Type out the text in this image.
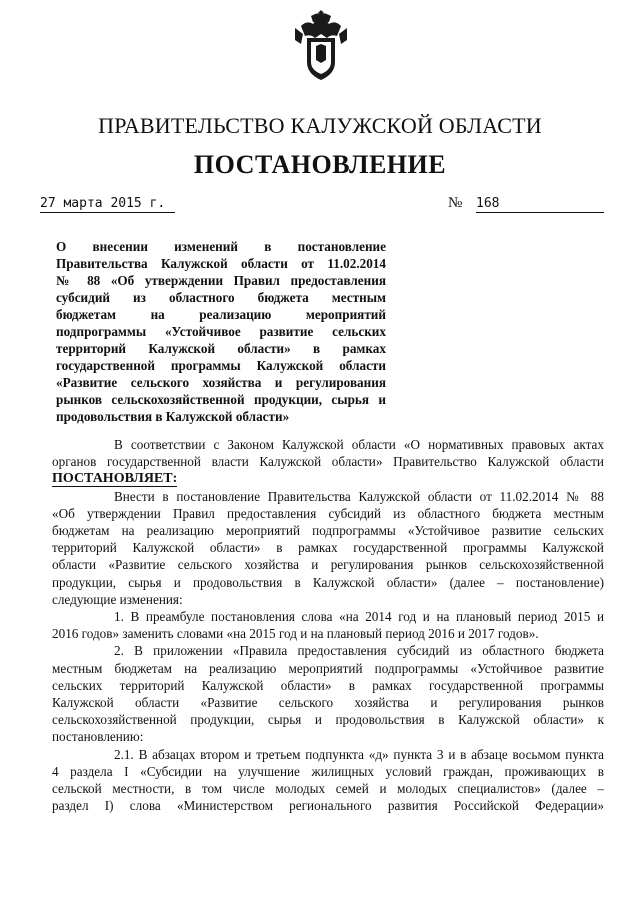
ПРАВИТЕЛЬСТВО КАЛУЖСКОЙ ОБЛАСТИ
ПОСТАНОВЛЕНИЕ
27 марта 2015 г.	№ 168

О внесении изменений в постановление
Правительства Калужской области от 11.02.2014
№ 88 «Об утверждении Правил предоставления
субсидий из областного бюджета местным
бюджетам на реализацию мероприятий
подпрограммы «Устойчивое развитие сельских
территорий Калужской области» в рамках
государственной программы Калужской области
«Развитие сельского хозяйства и регулирования
рынков сельскохозяйственной продукции, сырья и
продовольствия в Калужской области»

В соответствии с Законом Калужской области «О нормативных правовых актах
органов государственной власти Калужской области» Правительство Калужской области
ПОСТАНОВЛЯЕТ:
Внести в постановление Правительства Калужской области от 11.02.2014 № 88
«Об утверждении Правил предоставления субсидий из областного бюджета местным
бюджетам на реализацию мероприятий подпрограммы «Устойчивое развитие сельских
территорий Калужской области» в рамках государственной программы Калужской
области «Развитие сельского хозяйства и регулирования рынков сельскохозяйственной
продукции, сырья и продовольствия в Калужской области» (далее – постановление)
следующие изменения:
1. В преамбуле постановления слова «на 2014 год и на плановый период 2015 и
2016 годов» заменить словами «на 2015 год и на плановый период 2016 и 2017 годов».
2. В приложении «Правила предоставления субсидий из областного бюджета
местным бюджетам на реализацию мероприятий подпрограммы «Устойчивое развитие
сельских территорий Калужской области» в рамках государственной программы
Калужской области «Развитие сельского хозяйства и регулирования рынков
сельскохозяйственной продукции, сырья и продовольствия в Калужской области» к
постановлению:
2.1. В абзацах втором и третьем подпункта «д» пункта 3 и в абзаце восьмом пункта
4 раздела I «Субсидии на улучшение жилищных условий граждан, проживающих в
сельской местности, в том числе молодых семей и молодых специалистов» (далее –
раздел I) слова «Министерством регионального развития Российской Федерации»
